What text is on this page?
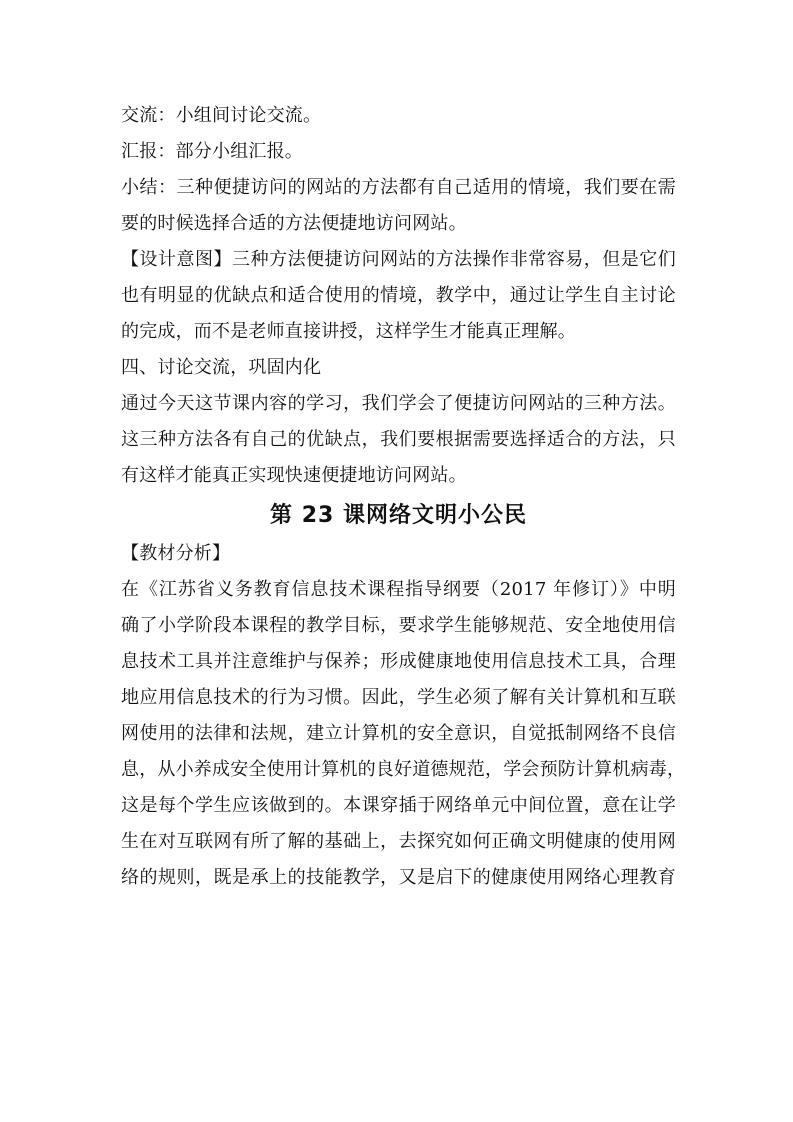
交流：小组间讨论交流。
汇报：部分小组汇报。
小结：三种便捷访问的网站的方法都有自己适用的情境，我们要在需
要的时候选择合适的方法便捷地访问网站。
【设计意图】三种方法便捷访问网站的方法操作非常容易，但是它们
也有明显的优缺点和适合使用的情境，教学中，通过让学生自主讨论
的完成，而不是老师直接讲授，这样学生才能真正理解。
四、讨论交流，巩固内化
通过今天这节课内容的学习，我们学会了便捷访问网站的三种方法。
这三种方法各有自己的优缺点，我们要根据需要选择适合的方法，只
有这样才能真正实现快速便捷地访问网站。
第 23 课网络文明小公民
【教材分析】
在《江苏省义务教育信息技术课程指导纲要（2017 年修订）》中明
确了小学阶段本课程的教学目标，要求学生能够规范、安全地使用信
息技术工具并注意维护与保养；形成健康地使用信息技术工具，合理
地应用信息技术的行为习惯。因此，学生必须了解有关计算机和互联
网使用的法律和法规，建立计算机的安全意识，自觉抵制网络不良信
息，从小养成安全使用计算机的良好道德规范，学会预防计算机病毒，
这是每个学生应该做到的。本课穿插于网络单元中间位置，意在让学
生在对互联网有所了解的基础上，去探究如何正确文明健康的使用网
络的规则，既是承上的技能教学，又是启下的健康使用网络心理教育
